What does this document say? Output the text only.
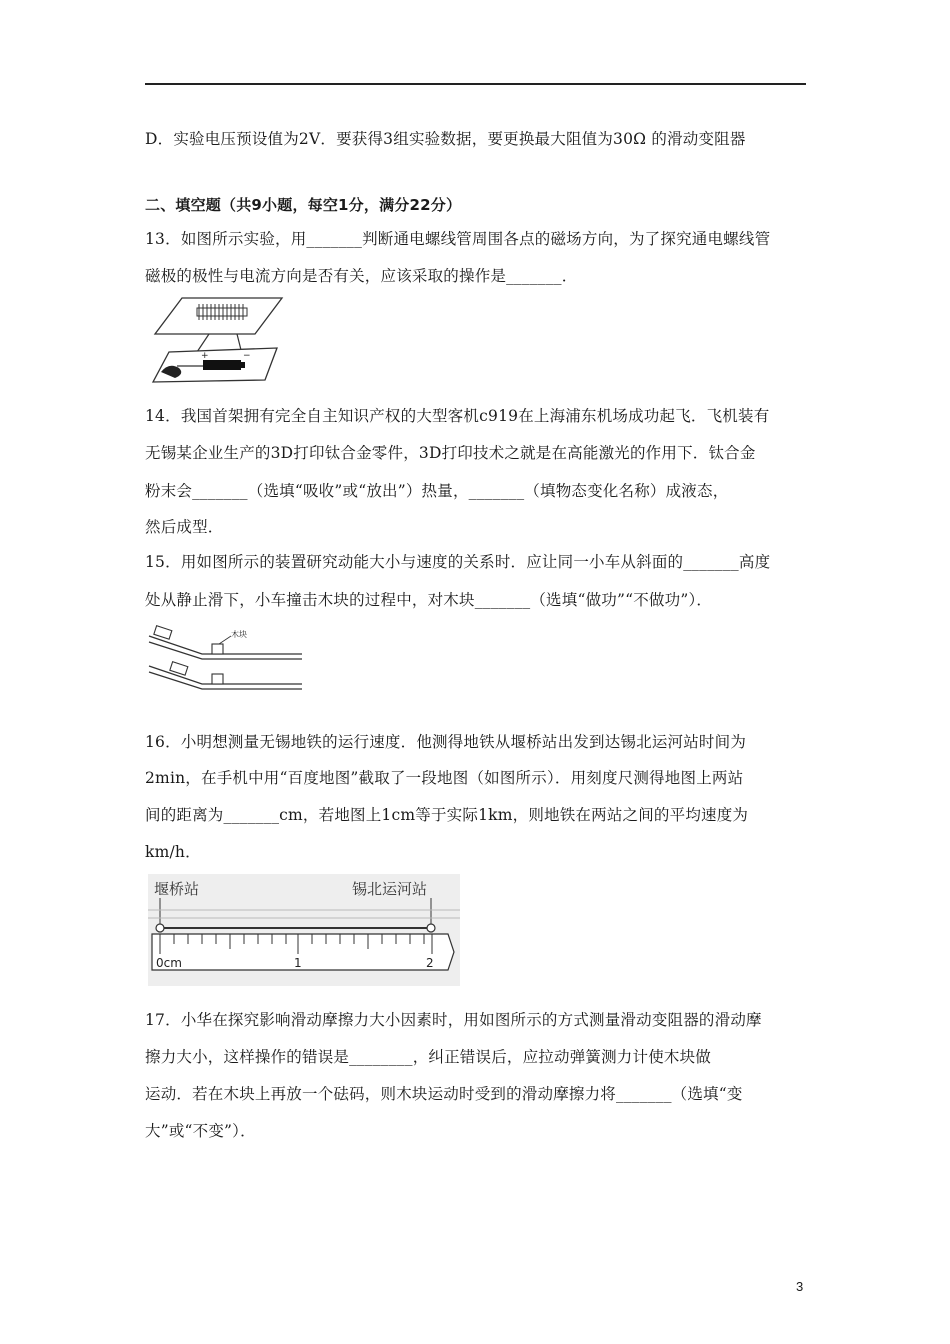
D．实验电压预设值为2V．要获得3组实验数据，要更换最大阻值为30Ω 的滑动变阻器
二、填空题（共9小题，每空1分，满分22分）
13．如图所示实验，用_______判断通电螺线管周围各点的磁场方向，为了探究通电螺线管
磁极的极性与电流方向是否有关，应该采取的操作是_______．
+	−
14．我国首架拥有完全自主知识产权的大型客机c919在上海浦东机场成功起飞．飞机装有
无锡某企业生产的3D打印钛合金零件，3D打印技术之就是在高能激光的作用下．钛合金
粉末会_______（选填“吸收”或“放出”）热量，_______（填物态变化名称）成液态，
然后成型．
15．用如图所示的装置研究动能大小与速度的关系时．应让同一小车从斜面的_______高度
处从静止滑下，小车撞击木块的过程中，对木块_______（选填“做功”“不做功”）．
木块
16．小明想测量无锡地铁的运行速度．他测得地铁从堰桥站出发到达锡北运河站时间为
2min，在手机中用“百度地图”截取了一段地图（如图所示）．用刻度尺测得地图上两站
间的距离为_______cm，若地图上1cm等于实际1km，则地铁在两站之间的平均速度为
km/h．
堰桥站	锡北运河站
0cm	1	2
17．小华在探究影响滑动摩擦力大小因素时，用如图所示的方式测量滑动变阻器的滑动摩
擦力大小，这样操作的错误是________，纠正错误后，应拉动弹簧测力计使木块做
运动．若在木块上再放一个砝码，则木块运动时受到的滑动摩擦力将_______（选填“变
大”或“不变”）．
3
